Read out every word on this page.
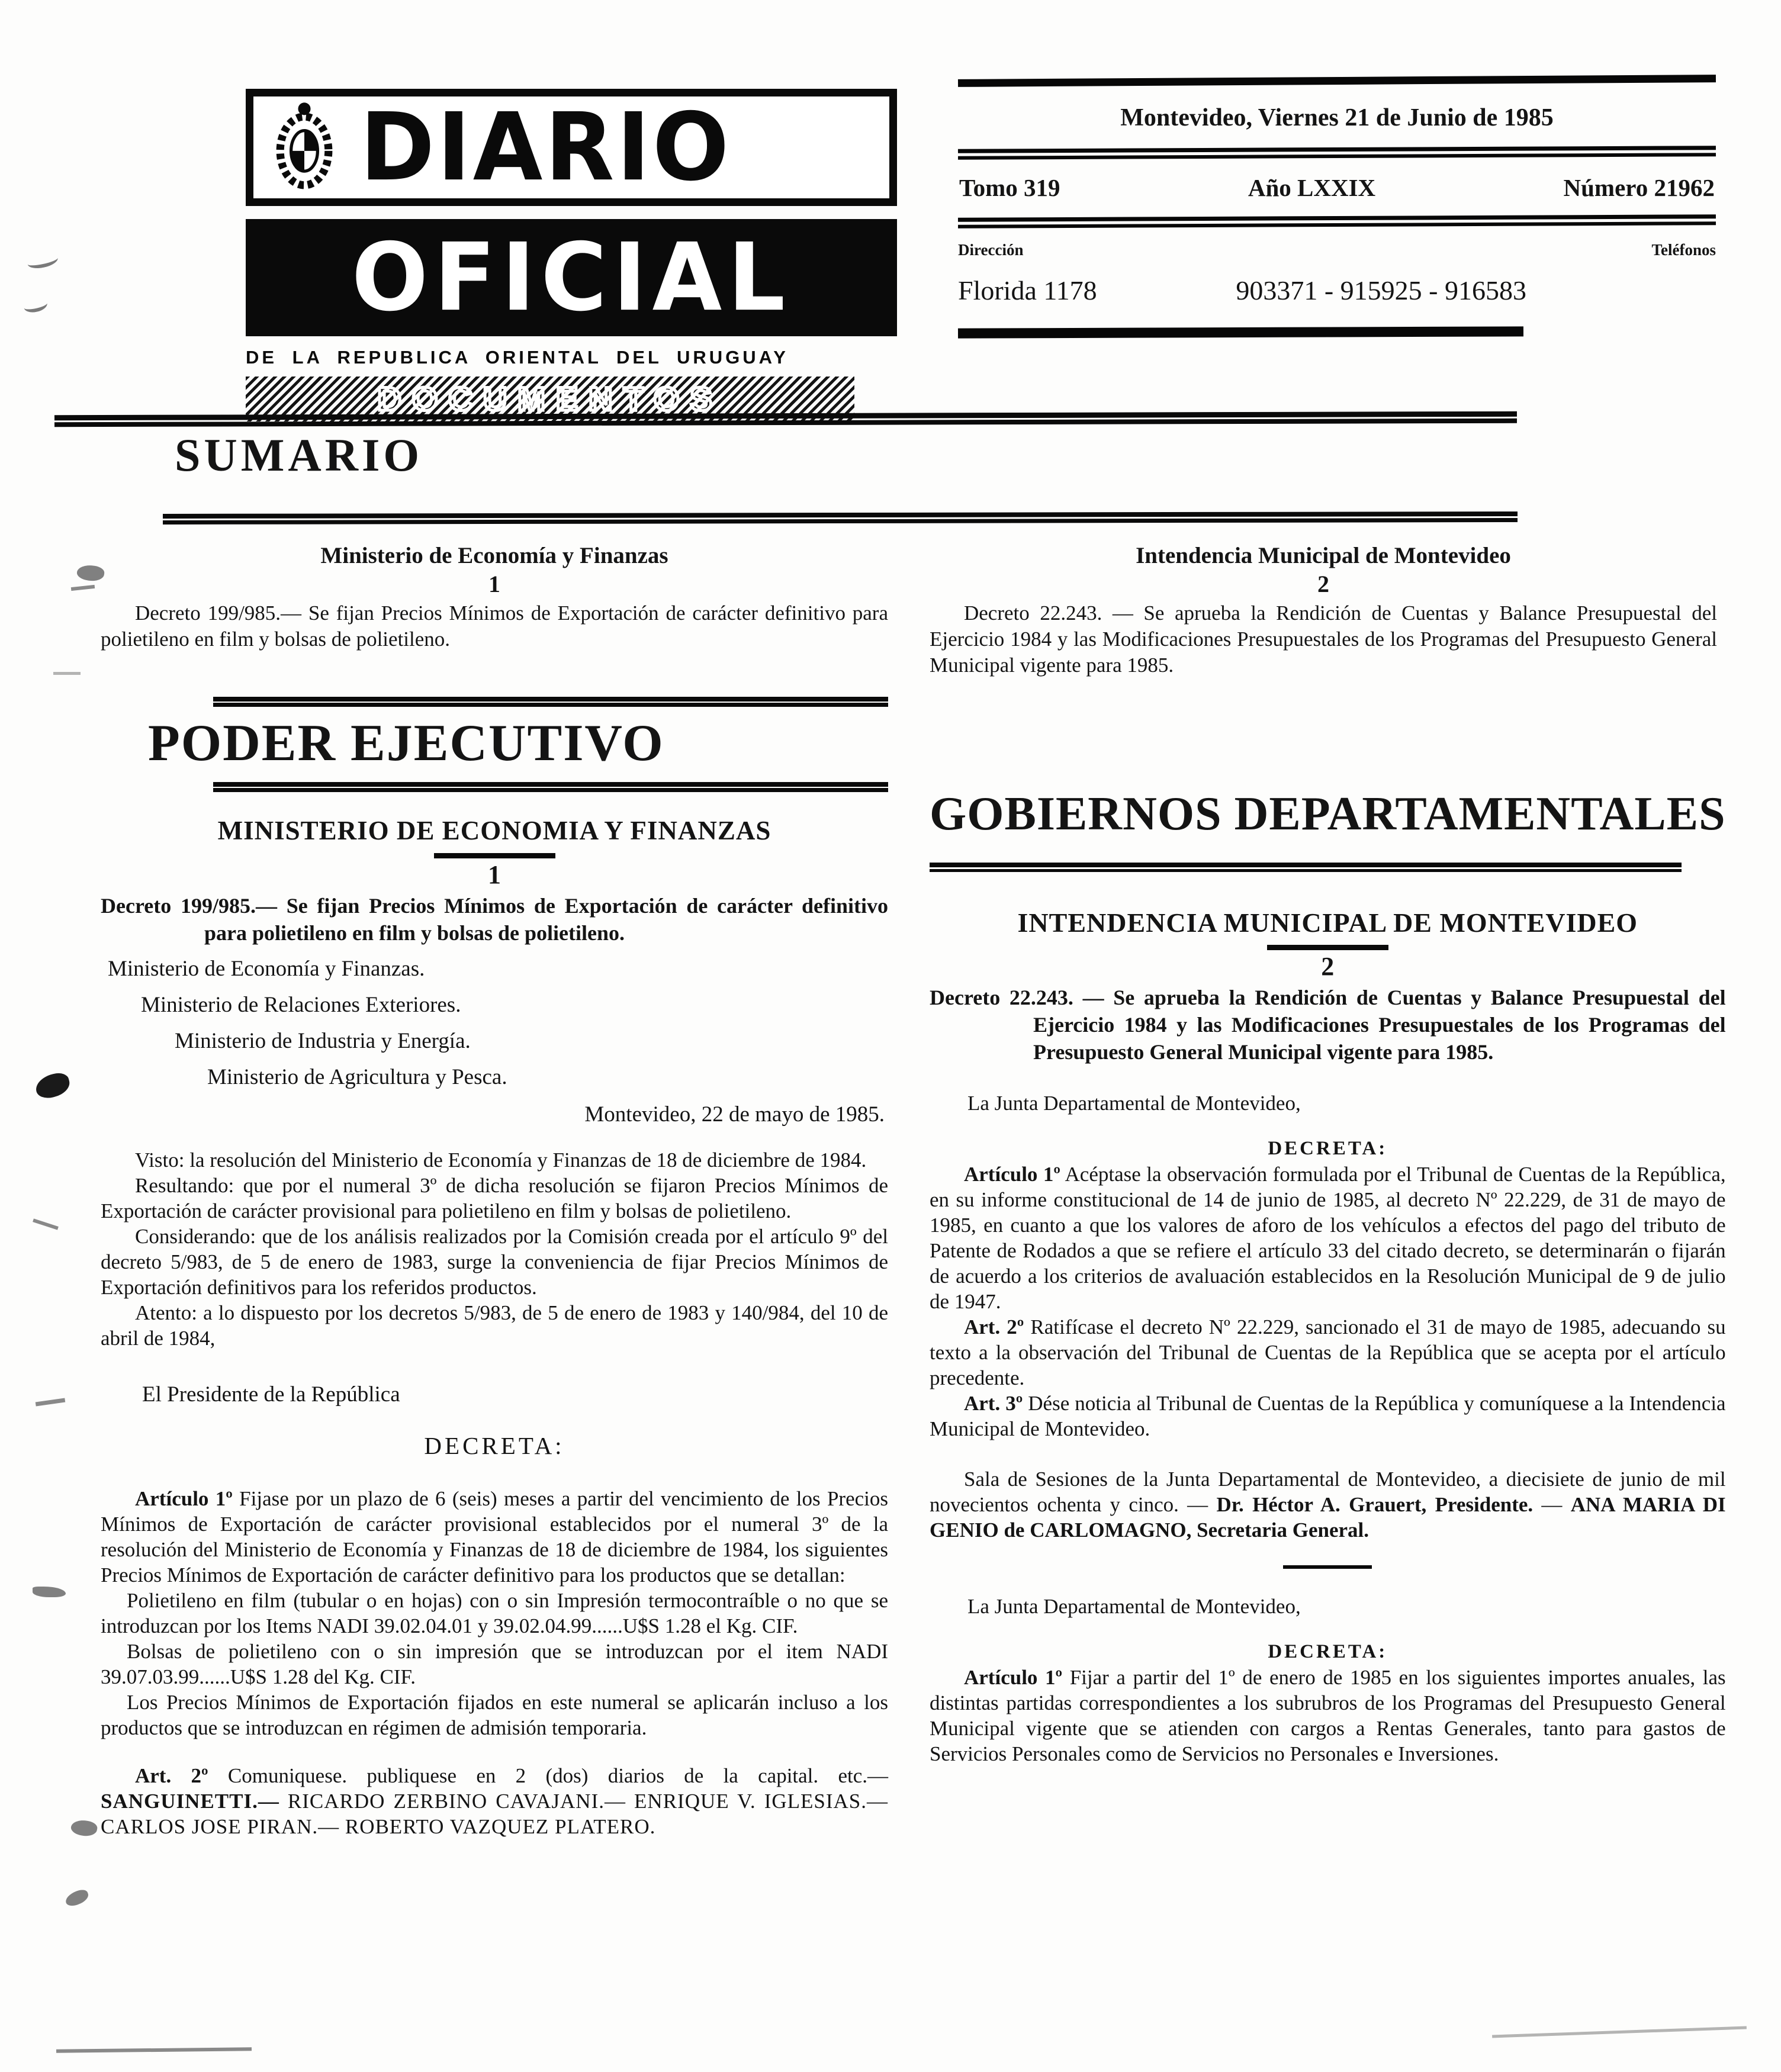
DIARIO
OFICIAL
DE LA REPUBLICA ORIENTAL DEL URUGUAY
DOCUMENTOS
Montevideo, Viernes 21 de Junio de 1985
Tomo 319	Año LXXIX	Número 21962
Dirección	Teléfonos
Florida 1178	903371 - 915925 - 916583
SUMARIO
Ministerio de Economía y Finanzas
1
Decreto 199/985.— Se fijan Precios Mínimos de Exportación de carácter definitivo para polietileno en film y bolsas de polietileno.
Intendencia Municipal de Montevideo
2
Decreto 22.243. — Se aprueba la Rendición de Cuentas y Balance Presupuestal del Ejercicio 1984 y las Modificaciones Presupuestales de los Programas del Presupuesto General Municipal vigente para 1985.
PODER EJECUTIVO
MINISTERIO DE ECONOMIA Y FINANZAS
1
Decreto 199/985.— Se fijan Precios Mínimos de Exportación de carácter definitivo para polietileno en film y bolsas de polietileno.
Ministerio de Economía y Finanzas.
Ministerio de Relaciones Exteriores.
Ministerio de Industria y Energía.
Ministerio de Agricultura y Pesca.
Montevideo, 22 de mayo de 1985.

Visto: la resolución del Ministerio de Economía y Finanzas de 18 de diciembre de 1984.

Resultando: que por el numeral 3º de dicha resolución se fijaron Precios Mínimos de Exportación de carácter provisional para polietileno en film y bolsas de polietileno.

Considerando: que de los análisis realizados por la Comisión creada por el artículo 9º del decreto 5/983, de 5 de enero de 1983, surge la conveniencia de fijar Precios Mínimos de Exportación definitivos para los referidos productos.

Atento: a lo dispuesto por los decretos 5/983, de 5 de enero de 1983 y 140/984, del 10 de abril de 1984,

El Presidente de la República
DECRETA:

Artículo 1º Fijase por un plazo de 6 (seis) meses a partir del vencimiento de los Precios Mínimos de Exportación de carácter provisional establecidos por el numeral 3º de la resolución del Ministerio de Economía y Finanzas de 18 de diciembre de 1984, los siguientes Precios Mínimos de Exportación de carácter definitivo para los productos que se detallan:

Polietileno en film (tubular o en hojas) con o sin Impresión termocontraíble o no que se introduzcan por los Items NADI 39.02.04.01 y 39.02.04.99......U$S 1.28 el Kg. CIF.

Bolsas de polietileno con o sin impresión que se introduzcan por el item NADI 39.07.03.99......U$S 1.28 del Kg. CIF.

Los Precios Mínimos de Exportación fijados en este numeral se aplicarán incluso a los productos que se introduzcan en régimen de admisión temporaria.

Art. 2º Comuniquese. publiquese en 2 (dos) diarios de la capital. etc.— SANGUINETTI.— RICARDO ZERBINO CAVAJANI.— ENRIQUE V. IGLESIAS.— CARLOS JOSE PIRAN.— ROBERTO VAZQUEZ PLATERO.

GOBIERNOS DEPARTAMENTALES
INTENDENCIA MUNICIPAL DE MONTEVIDEO
2
Decreto 22.243. — Se aprueba la Rendición de Cuentas y Balance Presupuestal del Ejercicio 1984 y las Modificaciones Presupuestales de los Programas del Presupuesto General Municipal vigente para 1985.
La Junta Departamental de Montevideo,
DECRETA:

Artículo 1º Acéptase la observación formulada por el Tribunal de Cuentas de la República, en su informe constitucional de 14 de junio de 1985, al decreto Nº 22.229, de 31 de mayo de 1985, en cuanto a que los valores de aforo de los vehículos a efectos del pago del tributo de Patente de Rodados a que se refiere el artículo 33 del citado decreto, se determinarán o fijarán de acuerdo a los criterios de avaluación establecidos en la Resolución Municipal de 9 de julio de 1947.

Art. 2º Ratifícase el decreto Nº 22.229, sancionado el 31 de mayo de 1985, adecuando su texto a la observación del Tribunal de Cuentas de la República que se acepta por el artículo precedente.

Art. 3º Dése noticia al Tribunal de Cuentas de la República y comuníquese a la Intendencia Municipal de Montevideo.

Sala de Sesiones de la Junta Departamental de Montevideo, a diecisiete de junio de mil novecientos ochenta y cinco. — Dr. Héctor A. Grauert, Presidente. — ANA MARIA DI GENIO de CARLOMAGNO, Secretaria General.

La Junta Departamental de Montevideo,
DECRETA:

Artículo 1º Fijar a partir del 1º de enero de 1985 en los siguientes importes anuales, las distintas partidas correspondientes a los subrubros de los Programas del Presupuesto General Municipal vigente que se atienden con cargos a Rentas Generales, tanto para gastos de Servicios Personales como de Servicios no Personales e Inversiones.
